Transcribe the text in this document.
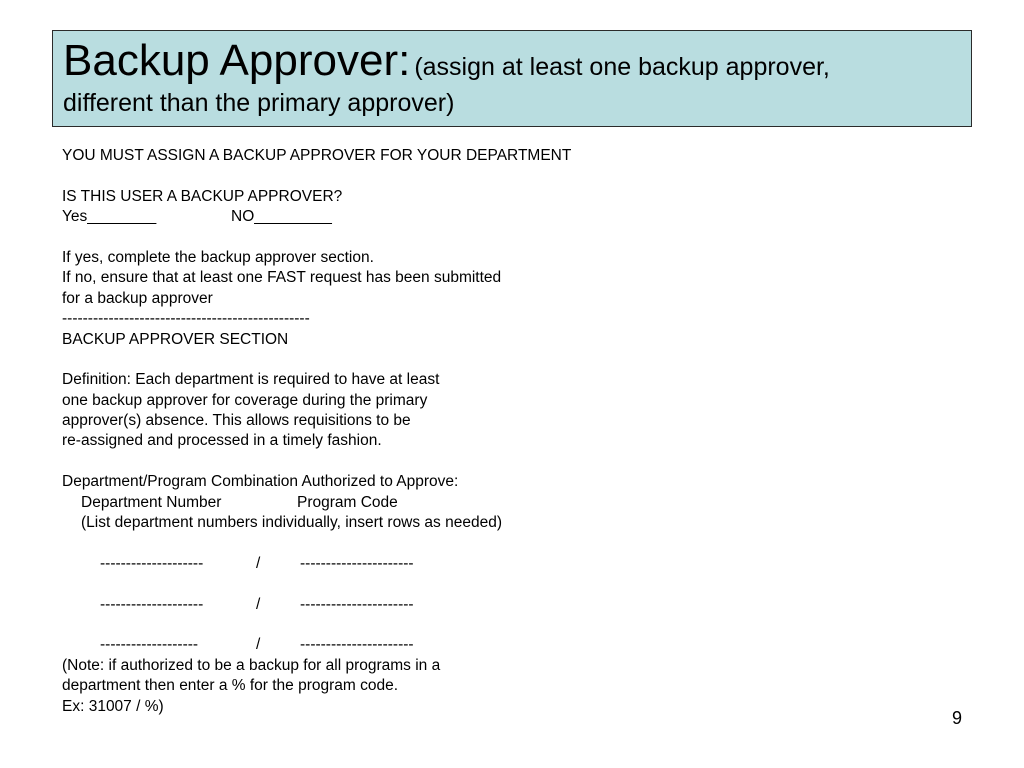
Backup Approver: (assign at least one backup approver,
different than the primary approver)
YOU MUST ASSIGN A BACKUP APPROVER FOR YOUR DEPARTMENT
IS THIS USER A BACKUP APPROVER?
Yes________	NO_________
If yes, complete the backup approver section.
If no, ensure that at least one FAST request has been submitted
for a backup approver
------------------------------------------------
BACKUP APPROVER SECTION
Definition: Each department is required to have at least
one backup approver for coverage during the primary
approver(s) absence. This allows requisitions to be
re-assigned and processed in a timely fashion.
Department/Program Combination Authorized to Approve:
Department Number	Program Code
(List department numbers individually, insert rows as needed)
--------------------	/	----------------------
--------------------	/	----------------------
-------------------	/	----------------------
(Note: if authorized to be a backup for all programs in a
department then enter a % for the program code.
Ex: 31007 / %)
9
